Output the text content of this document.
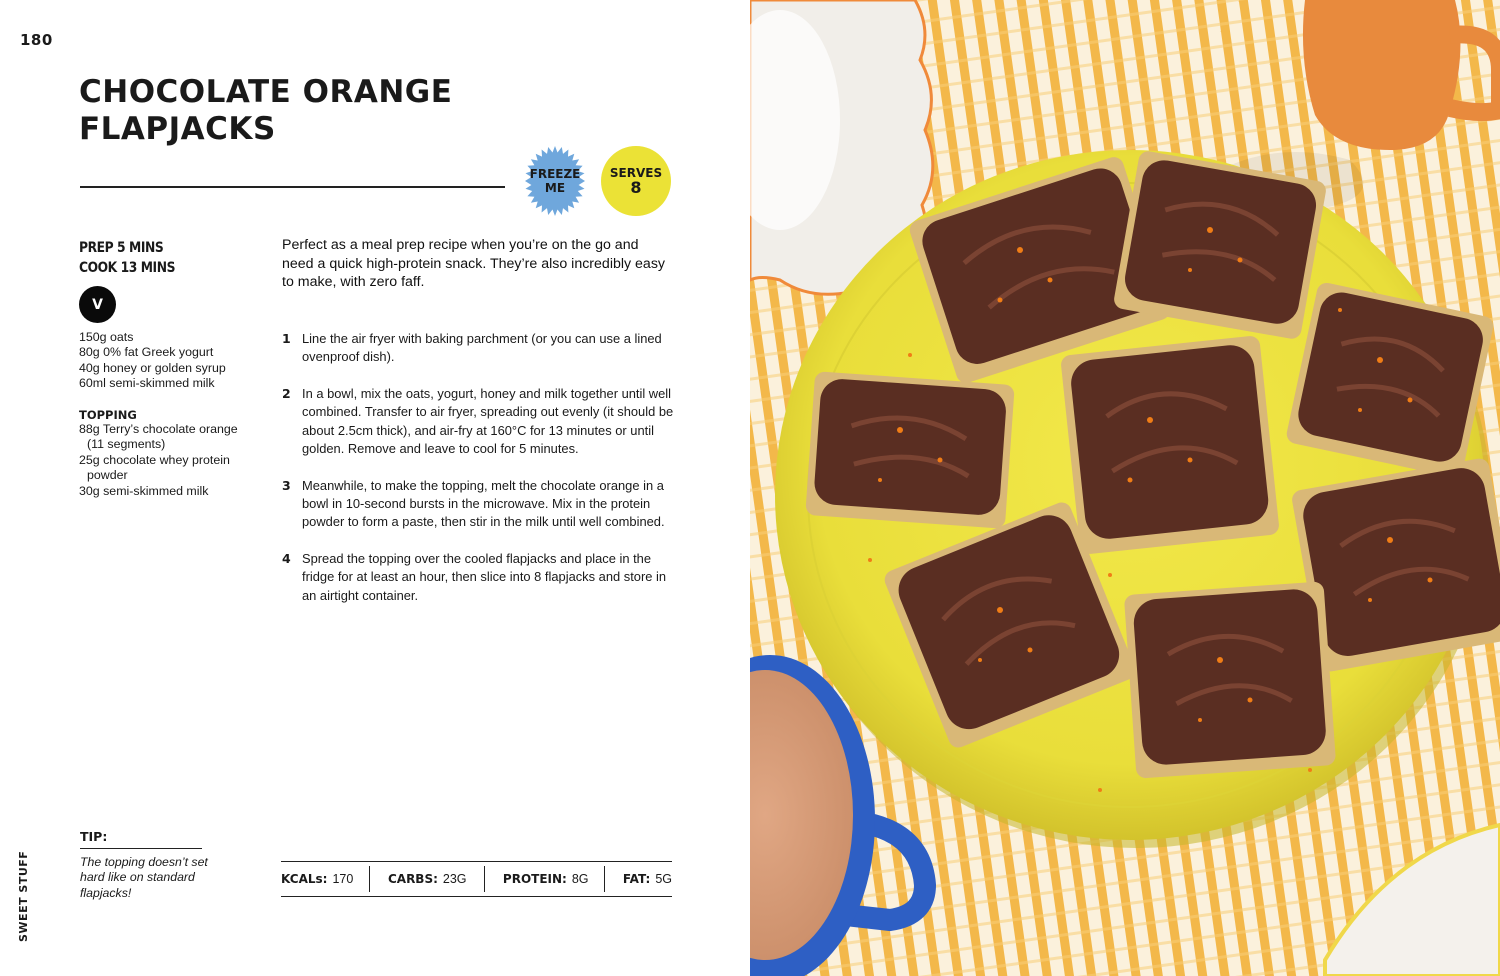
180
CHOCOLATE ORANGE
FLAPJACKS
FREEZE
ME
SERVES
8
PREP 5 MINS
COOK 13 MINS
V
150g oats
80g 0% fat Greek yogurt
40g honey or golden syrup
60ml semi-skimmed milk
TOPPING
88g Terry’s chocolate orange (11 segments)
25g chocolate whey protein powder
30g semi-skimmed milk

Perfect as a meal prep recipe when you’re on the go and need a quick high-protein snack. They’re also incredibly easy to make, with zero faff.

1 Line the air fryer with baking parchment (or you can use a lined ovenproof dish).
2 In a bowl, mix the oats, yogurt, honey and milk together until well combined. Transfer to air fryer, spreading out evenly (it should be about 2.5cm thick), and air-fry at 160°C for 13 minutes or until golden. Remove and leave to cool for 5 minutes.
3 Meanwhile, to make the topping, melt the chocolate orange in a bowl in 10-second bursts in the microwave. Mix in the protein powder to form a paste, then stir in the milk until well combined.
4 Spread the topping over the cooled flapjacks and place in the fridge for at least an hour, then slice into 8 flapjacks and store in an airtight container.
TIP:

The topping doesn’t set hard like on standard flapjacks!

KCALs: 170	CARBS: 23G	PROTEIN: 8G	FAT: 5G
SWEET STUFF
